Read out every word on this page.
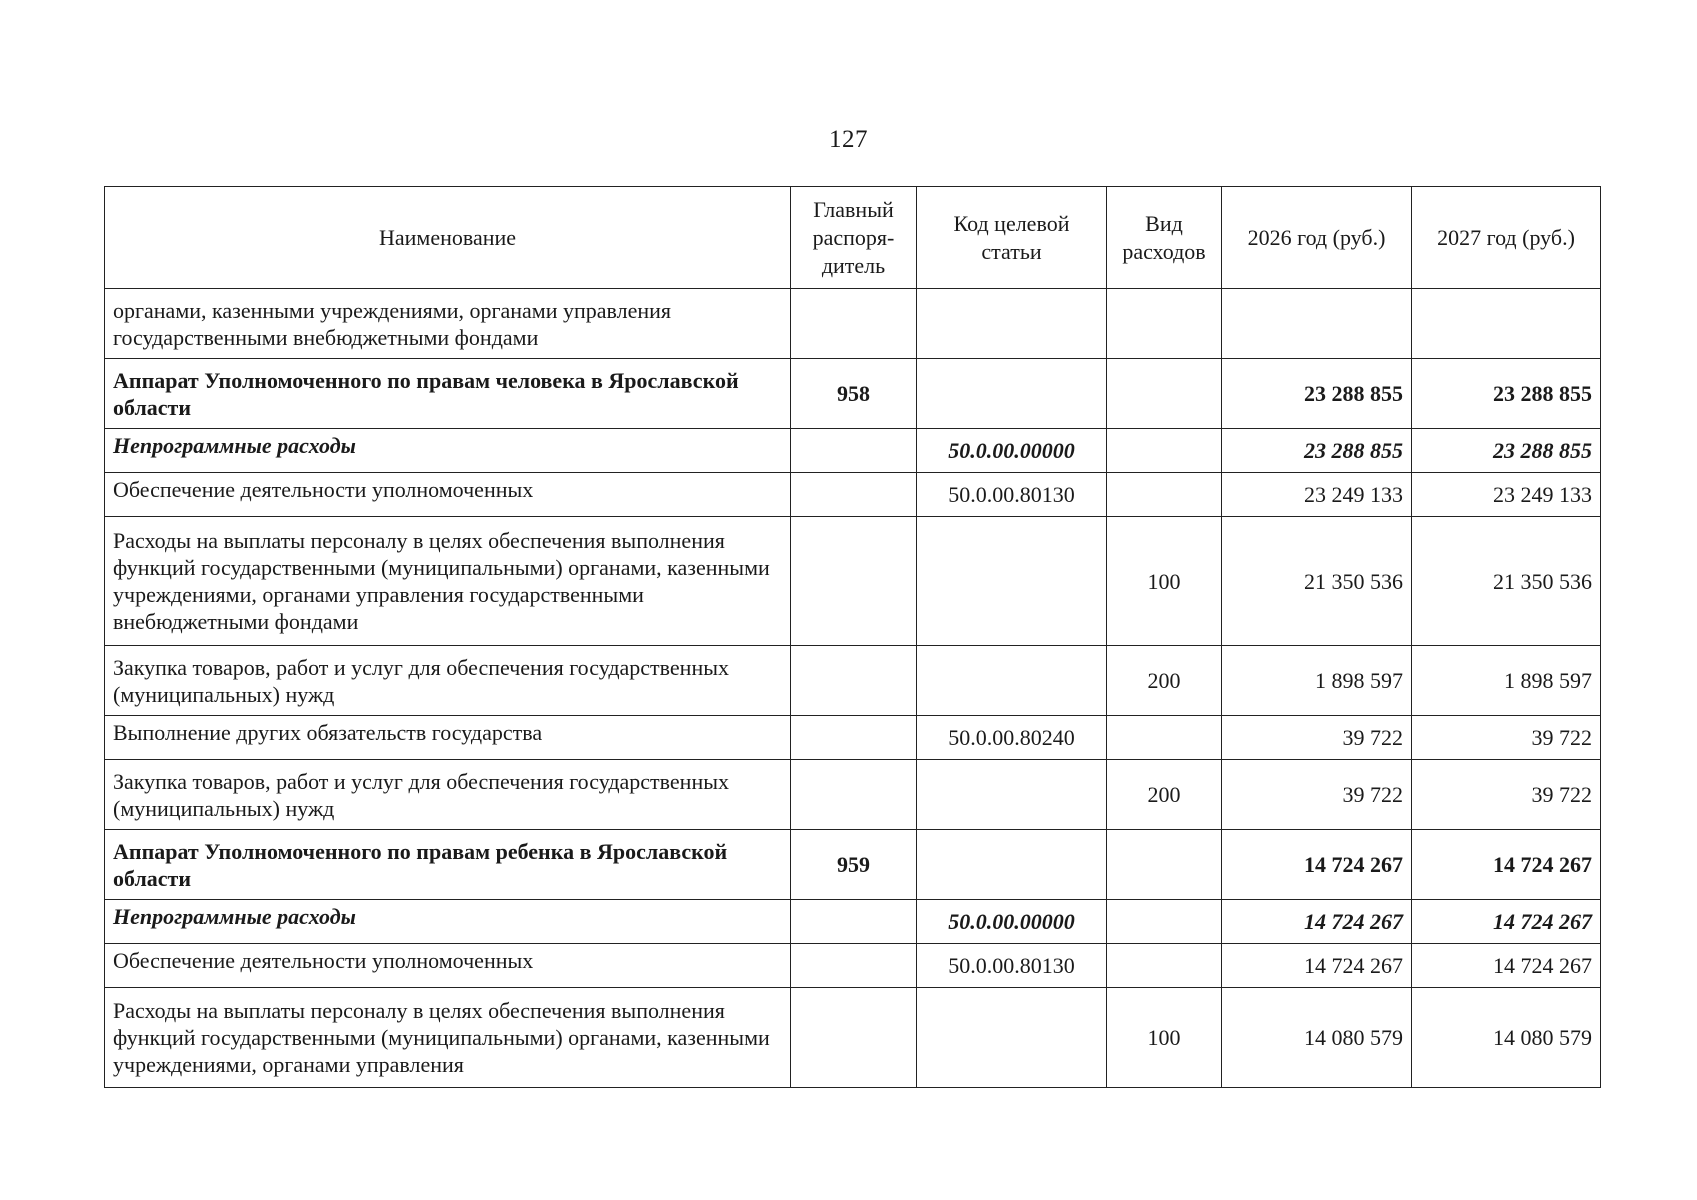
127
Наименование	Главный распоря-дитель	Код целевой статьи	Вид расходов	2026 год (руб.)	2027 год (руб.)
органами, казенными учреждениями, органами управления государственными внебюджетными фондами					
Аппарат Уполномоченного по правам человека в Ярославской области	958			23 288 855	23 288 855
Непрограммные расходы		50.0.00.00000		23 288 855	23 288 855
Обеспечение деятельности уполномоченных		50.0.00.80130		23 249 133	23 249 133
Расходы на выплаты персоналу в целях обеспечения выполнения функций государственными (муниципальными) органами, казенными учреждениями, органами управления государственными внебюджетными фондами			100	21 350 536	21 350 536
Закупка товаров, работ и услуг для обеспечения государственных (муниципальных) нужд			200	1 898 597	1 898 597
Выполнение других обязательств государства		50.0.00.80240		39 722	39 722
Закупка товаров, работ и услуг для обеспечения государственных (муниципальных) нужд			200	39 722	39 722
Аппарат Уполномоченного по правам ребенка в Ярославской области	959			14 724 267	14 724 267
Непрограммные расходы		50.0.00.00000		14 724 267	14 724 267
Обеспечение деятельности уполномоченных		50.0.00.80130		14 724 267	14 724 267
Расходы на выплаты персоналу в целях обеспечения выполнения функций государственными (муниципальными) органами, казенными учреждениями, органами управления			100	14 080 579	14 080 579
